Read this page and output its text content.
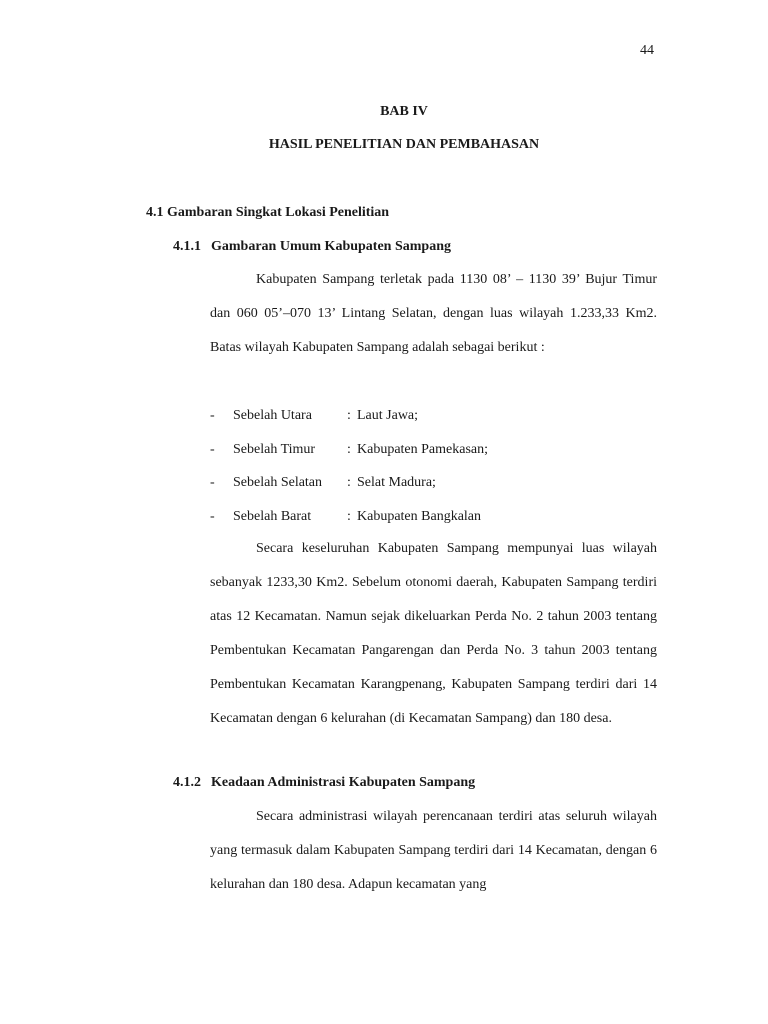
44
BAB IV
HASIL PENELITIAN DAN PEMBAHASAN
4.1 Gambaran Singkat Lokasi Penelitian
4.1.1 Gambaran Umum Kabupaten Sampang

Kabupaten Sampang terletak pada 1130 08’ – 1130 39’ Bujur Timur dan 060 05’–070 13’ Lintang Selatan, dengan luas wilayah 1.233,33 Km2. Batas wilayah Kabupaten Sampang adalah sebagai berikut :

- Sebelah Utara	: Laut Jawa;
- Sebelah Timur : Kabupaten Pamekasan;
- Sebelah Selatan : Selat Madura;
- Sebelah Barat	: Kabupaten Bangkalan

Secara keseluruhan Kabupaten Sampang mempunyai luas wilayah sebanyak 1233,30 Km2. Sebelum otonomi daerah, Kabupaten Sampang terdiri atas 12 Kecamatan. Namun sejak dikeluarkan Perda No. 2 tahun 2003 tentang Pembentukan Kecamatan Pangarengan dan Perda No. 3 tahun 2003 tentang Pembentukan Kecamatan Karangpenang, Kabupaten Sampang terdiri dari 14 Kecamatan dengan 6 kelurahan (di Kecamatan Sampang) dan 180 desa.

4.1.2 Keadaan Administrasi Kabupaten Sampang

Secara administrasi wilayah perencanaan terdiri atas seluruh wilayah yang termasuk dalam Kabupaten Sampang terdiri dari 14 Kecamatan, dengan 6 kelurahan dan 180 desa. Adapun kecamatan yang
